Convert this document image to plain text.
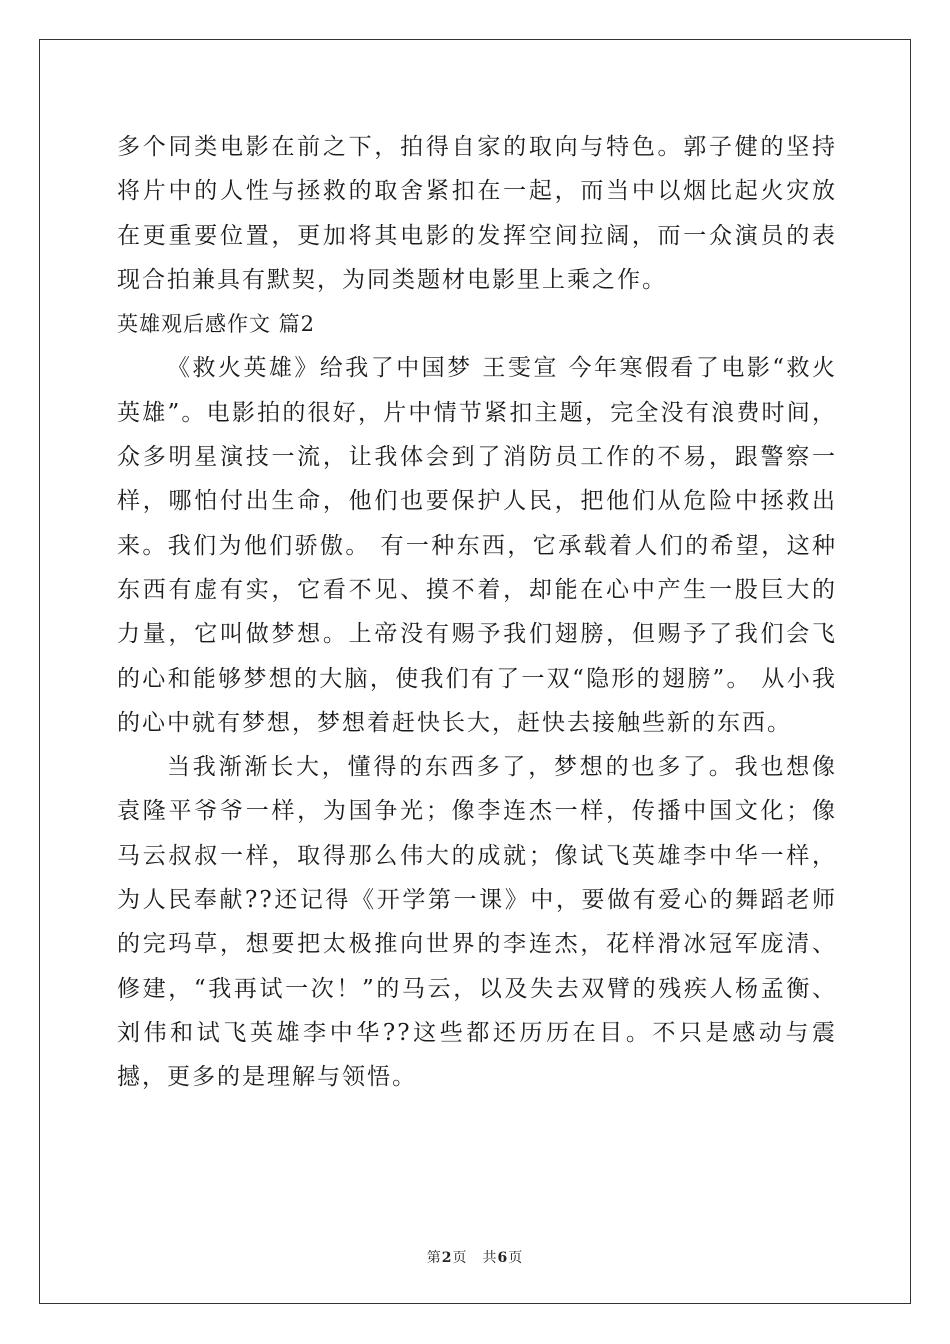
多个同类电影在前之下，拍得自家的取向与特色。郭子健的坚持将片中的人性与拯救的取舍紧扣在一起，而当中以烟比起火灾放在更重要位置，更加将其电影的发挥空间拉阔，而一众演员的表现合拍兼具有默契，为同类题材电影里上乘之作。

英雄观后感作文 篇2

《救火英雄》给我了中国梦 王雯宣 今年寒假看了电影“救火英雄”。电影拍的很好，片中情节紧扣主题，完全没有浪费时间，众多明星演技一流，让我体会到了消防员工作的不易，跟警察一样，哪怕付出生命，他们也要保护人民，把他们从危险中拯救出来。我们为他们骄傲。 有一种东西，它承载着人们的希望，这种东西有虚有实，它看不见、摸不着，却能在心中产生一股巨大的力量，它叫做梦想。上帝没有赐予我们翅膀，但赐予了我们会飞的心和能够梦想的大脑，使我们有了一双“隐形的翅膀”。 从小我的心中就有梦想，梦想着赶快长大，赶快去接触些新的东西。

当我渐渐长大，懂得的东西多了，梦想的也多了。我也想像袁隆平爷爷一样，为国争光；像李连杰一样，传播中国文化；像马云叔叔一样，取得那么伟大的成就；像试飞英雄李中华一样，为人民奉献??还记得《开学第一课》中，要做有爱心的舞蹈老师的完玛草，想要把太极推向世界的李连杰，花样滑冰冠军庞清、修建，“我再试一次！”的马云，以及失去双臂的残疾人杨孟衡、刘伟和试飞英雄李中华??这些都还历历在目。不只是感动与震撼，更多的是理解与领悟。

第2页　共6页
